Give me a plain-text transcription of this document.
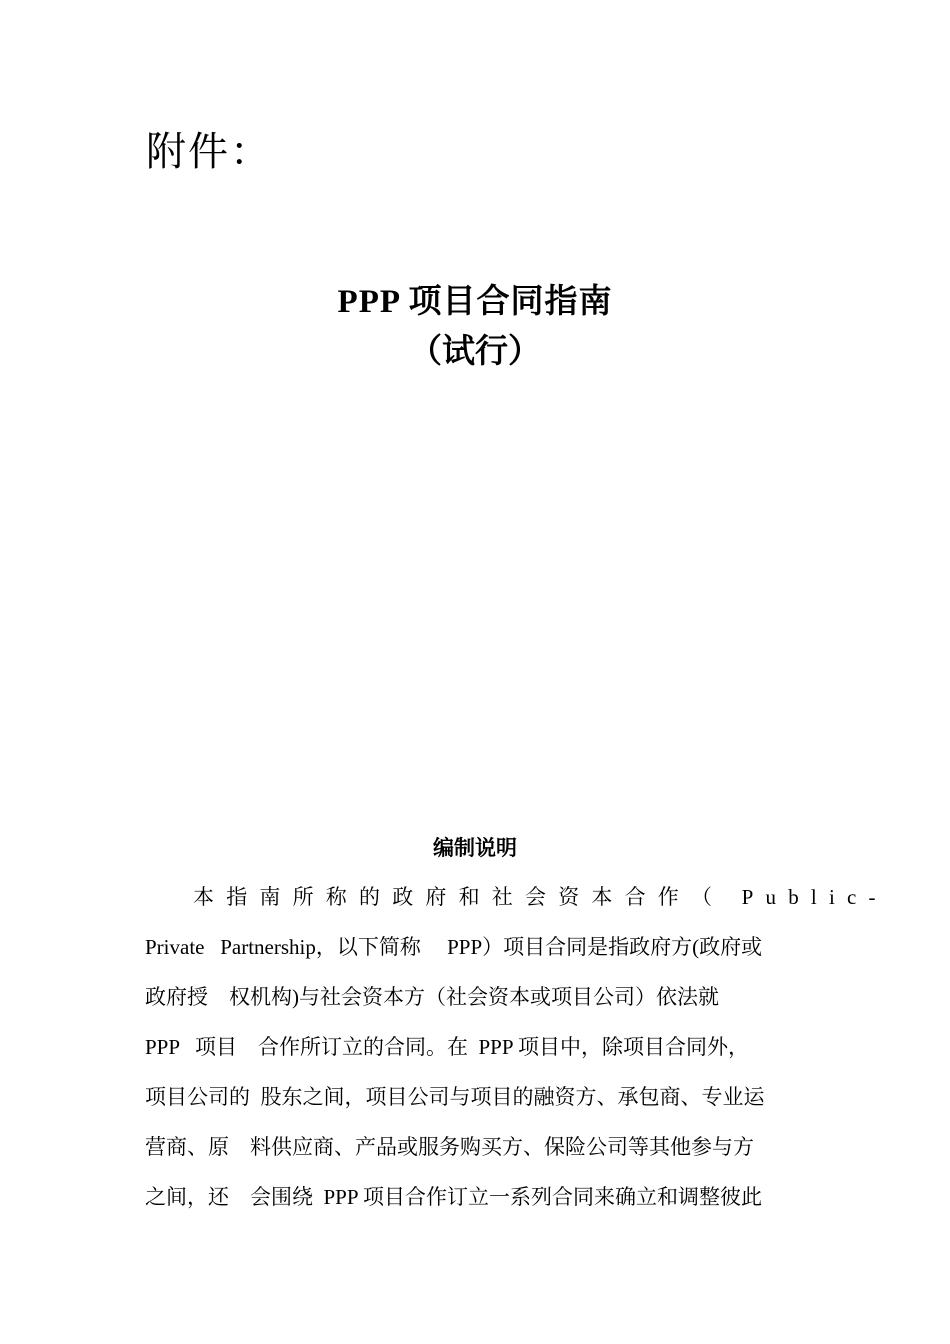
附件：
PPP 项目合同指南
（试行）
编制说明
本指南所称的政府和社会资本合作（ Public-
Private   Partnership，以下简称     PPP）项目合同是指政府方(政府或
政府授    权机构)与社会资本方（社会资本或项目公司）依法就
PPP   项目    合作所订立的合同。在  PPP 项目中，除项目合同外，
项目公司的  股东之间，项目公司与项目的融资方、承包商、专业运
营商、原    料供应商、产品或服务购买方、保险公司等其他参与方
之间，还    会围绕  PPP 项目合作订立一系列合同来确立和调整彼此
